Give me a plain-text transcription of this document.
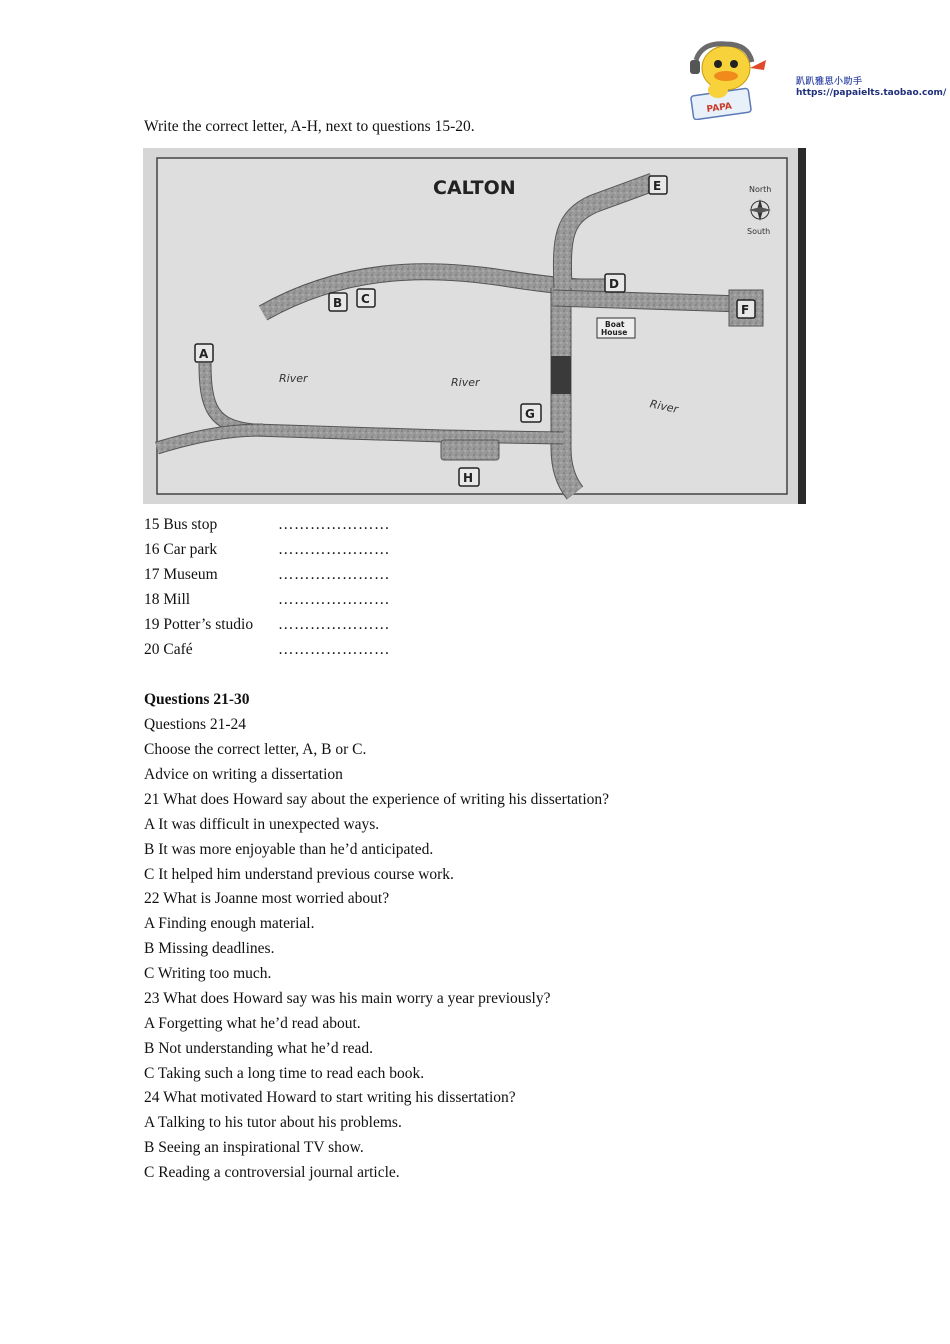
PAPA
趴趴雅思小助手
https://papaielts.taobao.com/
Write the correct letter, A-H, next to questions 15-20.
CALTON	North
South
Boat
House
River	River
River
A
B C
D
E
F
G
H
15 Bus stop	…………………
16 Car park	…………………
17 Museum	…………………
18 Mill	…………………
19 Potter’s studio …………………
20 Café	…………………
Questions 21-30
Questions 21-24
Choose the correct letter, A, B or C.
Advice on writing a dissertation
21 What does Howard say about the experience of writing his dissertation?
A It was difficult in unexpected ways.
B It was more enjoyable than he’d anticipated.
C It helped him understand previous course work.
22 What is Joanne most worried about?
A Finding enough material.
B Missing deadlines.
C Writing too much.
23 What does Howard say was his main worry a year previously?
A Forgetting what he’d read about.
B Not understanding what he’d read.
C Taking such a long time to read each book.
24 What motivated Howard to start writing his dissertation?
A Talking to his tutor about his problems.
B Seeing an inspirational TV show.
C Reading a controversial journal article.
